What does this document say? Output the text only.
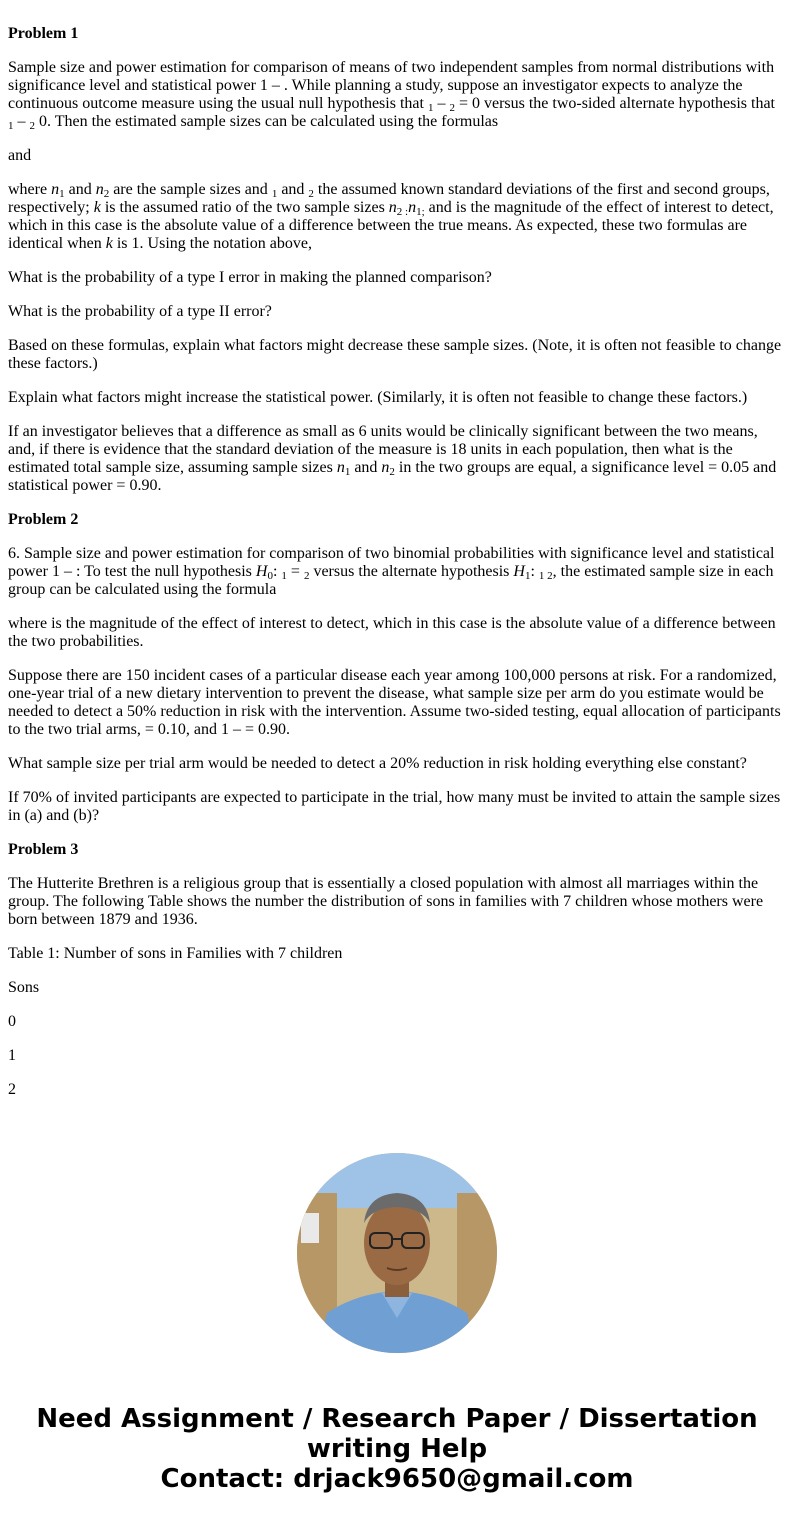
Problem 1

Sample size and power estimation for comparison of means of two independent samples from normal distributions with significance level and statistical power 1 – . While planning a study, suppose an investigator expects to analyze the continuous outcome measure using the usual null hypothesis that $_1$ – $_2$ = 0 versus the two-sided alternate hypothesis that $_1$ – $_2$ 0. Then the estimated sample sizes can be calculated using the formulas

and

where $n_1$ and $n_2$ are the sample sizes and $_1$ and $_2$ the assumed known standard deviations of the first and second groups, respectively; k is the assumed ratio of the two sample sizes $n_2$ $_:n_{1;}$ and is the magnitude of the effect of interest to detect, which in this case is the absolute value of a difference between the true means. As expected, these two formulas are identical when k is 1. Using the notation above,

What is the probability of a type I error in making the planned comparison?

What is the probability of a type II error?

Based on these formulas, explain what factors might decrease these sample sizes. (Note, it is often not feasible to change these factors.)

Explain what factors might increase the statistical power. (Similarly, it is often not feasible to change these factors.)

If an investigator believes that a difference as small as 6 units would be clinically significant between the two means, and, if there is evidence that the standard deviation of the measure is 18 units in each population, then what is the estimated total sample size, assuming sample sizes $n_1$ and $n_2$ in the two groups are equal, a significance level = 0.05 and statistical power = 0.90.

Problem 2

6. Sample size and power estimation for comparison of two binomial probabilities with significance level and statistical power 1 – : To test the null hypothesis $H_0$: $_1$ = $_2$ versus the alternate hypothesis $H_1$: $_1$ $_2$, the estimated sample size in each group can be calculated using the formula

where is the magnitude of the effect of interest to detect, which in this case is the absolute value of a difference between the two probabilities.

Suppose there are 150 incident cases of a particular disease each year among 100,000 persons at risk. For a randomized, one-year trial of a new dietary intervention to prevent the disease, what sample size per arm do you estimate would be needed to detect a 50% reduction in risk with the intervention. Assume two-sided testing, equal allocation of participants to the two trial arms, = 0.10, and 1 – = 0.90.

What sample size per trial arm would be needed to detect a 20% reduction in risk holding everything else constant?

If 70% of invited participants are expected to participate in the trial, how many must be invited to attain the sample sizes in (a) and (b)?

Problem 3

The Hutterite Brethren is a religious group that is essentially a closed population with almost all marriages within the group. The following Table shows the number the distribution of sons in families with 7 children whose mothers were born between 1879 and 1936.

Table 1: Number of sons in Families with 7 children

Sons

0

1

2

Need Assignment / Research Paper / Dissertation
writing Help
Contact: drjack9650@gmail.com
